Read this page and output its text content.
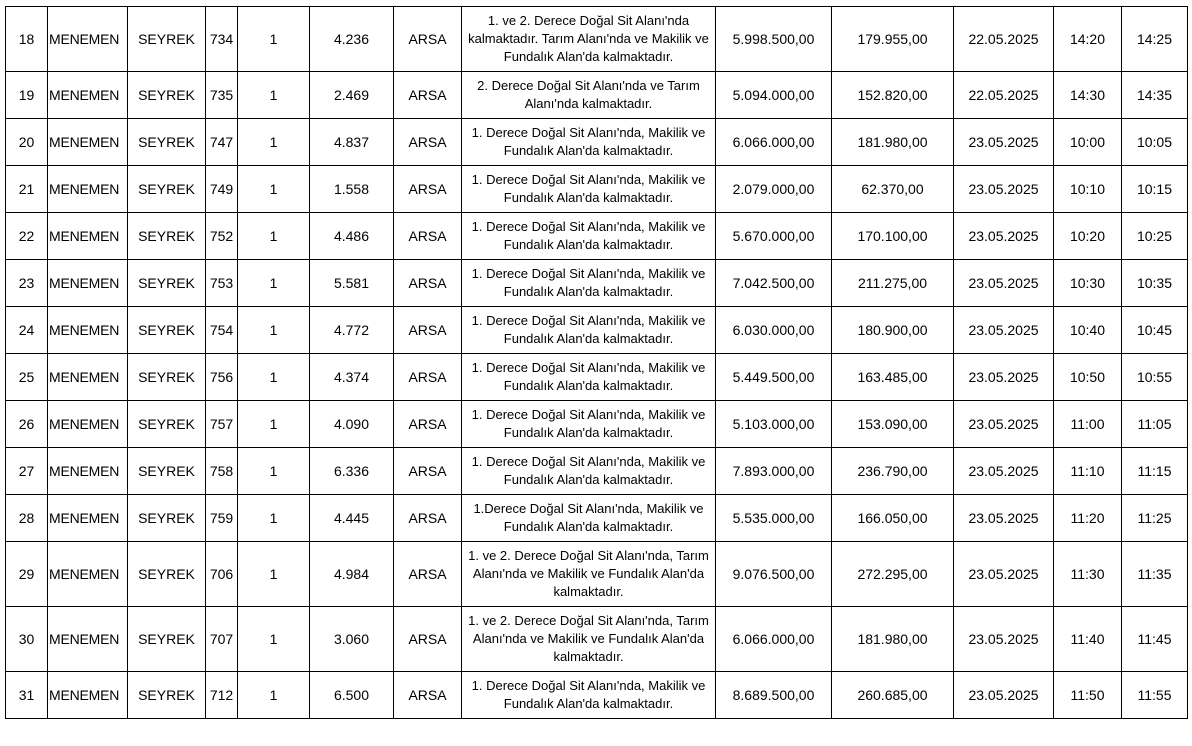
18	MENEMEN	SEYREK	734	1	4.236	ARSA	1. ve 2. Derece Doğal Sit Alanı'nda kalmaktadır. Tarım Alanı'nda ve Makilik ve Fundalık Alan'da kalmaktadır.	5.998.500,00	179.955,00	22.05.2025	14:20	14:25
19	MENEMEN	SEYREK	735	1	2.469	ARSA	2. Derece Doğal Sit Alanı'nda ve Tarım Alanı'nda kalmaktadır.	5.094.000,00	152.820,00	22.05.2025	14:30	14:35
20	MENEMEN	SEYREK	747	1	4.837	ARSA	1. Derece Doğal Sit Alanı'nda, Makilik ve Fundalık Alan'da kalmaktadır.	6.066.000,00	181.980,00	23.05.2025	10:00	10:05
21	MENEMEN	SEYREK	749	1	1.558	ARSA	1. Derece Doğal Sit Alanı'nda, Makilik ve Fundalık Alan'da kalmaktadır.	2.079.000,00	62.370,00	23.05.2025	10:10	10:15
22	MENEMEN	SEYREK	752	1	4.486	ARSA	1. Derece Doğal Sit Alanı'nda, Makilik ve Fundalık Alan'da kalmaktadır.	5.670.000,00	170.100,00	23.05.2025	10:20	10:25
23	MENEMEN	SEYREK	753	1	5.581	ARSA	1. Derece Doğal Sit Alanı'nda, Makilik ve Fundalık Alan'da kalmaktadır.	7.042.500,00	211.275,00	23.05.2025	10:30	10:35
24	MENEMEN	SEYREK	754	1	4.772	ARSA	1. Derece Doğal Sit Alanı'nda, Makilik ve Fundalık Alan'da kalmaktadır.	6.030.000,00	180.900,00	23.05.2025	10:40	10:45
25	MENEMEN	SEYREK	756	1	4.374	ARSA	1. Derece Doğal Sit Alanı'nda, Makilik ve Fundalık Alan'da kalmaktadır.	5.449.500,00	163.485,00	23.05.2025	10:50	10:55
26	MENEMEN	SEYREK	757	1	4.090	ARSA	1. Derece Doğal Sit Alanı'nda, Makilik ve Fundalık Alan'da kalmaktadır.	5.103.000,00	153.090,00	23.05.2025	11:00	11:05
27	MENEMEN	SEYREK	758	1	6.336	ARSA	1. Derece Doğal Sit Alanı'nda, Makilik ve Fundalık Alan'da kalmaktadır.	7.893.000,00	236.790,00	23.05.2025	11:10	11:15
28	MENEMEN	SEYREK	759	1	4.445	ARSA	1.Derece Doğal Sit Alanı'nda, Makilik ve Fundalık Alan'da kalmaktadır.	5.535.000,00	166.050,00	23.05.2025	11:20	11:25
29	MENEMEN	SEYREK	706	1	4.984	ARSA	1. ve 2. Derece Doğal Sit Alanı'nda, Tarım Alanı'nda ve Makilik ve Fundalık Alan'da kalmaktadır.	9.076.500,00	272.295,00	23.05.2025	11:30	11:35
30	MENEMEN	SEYREK	707	1	3.060	ARSA	1. ve 2. Derece Doğal Sit Alanı'nda, Tarım Alanı'nda ve Makilik ve Fundalık Alan'da kalmaktadır.	6.066.000,00	181.980,00	23.05.2025	11:40	11:45
31	MENEMEN	SEYREK	712	1	6.500	ARSA	1. Derece Doğal Sit Alanı'nda, Makilik ve Fundalık Alan'da kalmaktadır.	8.689.500,00	260.685,00	23.05.2025	11:50	11:55
